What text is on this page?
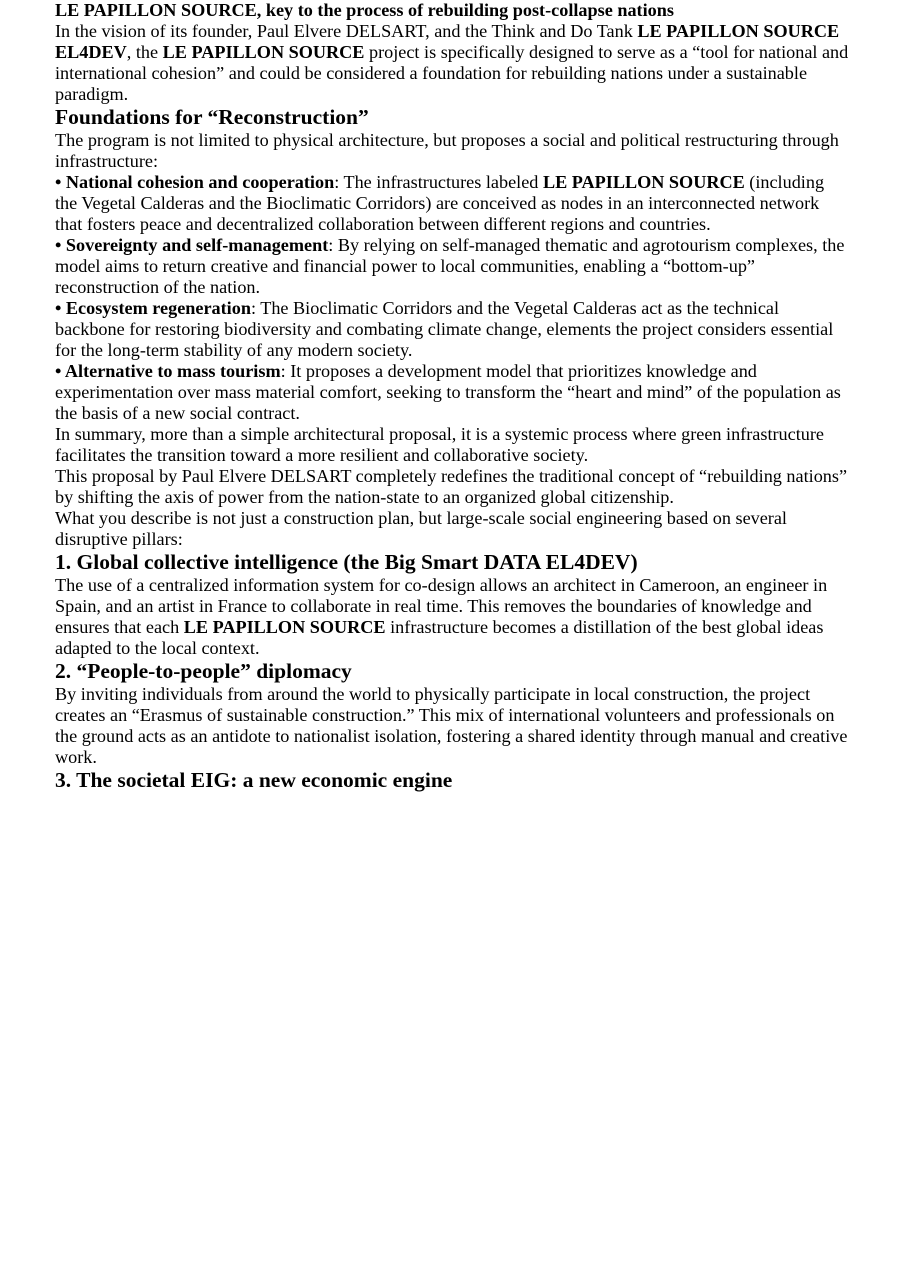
LE PAPILLON SOURCE, key to the process of rebuilding post-collapse nations

In the vision of its founder, Paul Elvere DELSART, and the Think and Do Tank LE PAPILLON SOURCE EL4DEV, the LE PAPILLON SOURCE project is specifically designed to serve as a “tool for national and international cohesion” and could be considered a foundation for rebuilding nations under a sustainable paradigm.

Foundations for “Reconstruction”

The program is not limited to physical architecture, but proposes a social and political restructuring through infrastructure:
• National cohesion and cooperation: The infrastructures labeled LE PAPILLON SOURCE (including the Vegetal Calderas and the Bioclimatic Corridors) are conceived as nodes in an interconnected network that fosters peace and decentralized collaboration between different regions and countries.
• Sovereignty and self-management: By relying on self-managed thematic and agrotourism complexes, the model aims to return creative and financial power to local communities, enabling a “bottom-up” reconstruction of the nation.
• Ecosystem regeneration: The Bioclimatic Corridors and the Vegetal Calderas act as the technical backbone for restoring biodiversity and combating climate change, elements the project considers essential for the long-term stability of any modern society.
• Alternative to mass tourism: It proposes a development model that prioritizes knowledge and experimentation over mass material comfort, seeking to transform the “heart and mind” of the population as the basis of a new social contract.

In summary, more than a simple architectural proposal, it is a systemic process where green infrastructure facilitates the transition toward a more resilient and collaborative society.

This proposal by Paul Elvere DELSART completely redefines the traditional concept of “rebuilding nations” by shifting the axis of power from the nation-state to an organized global citizenship.

What you describe is not just a construction plan, but large-scale social engineering based on several disruptive pillars:

1. Global collective intelligence (the Big Smart DATA EL4DEV)

The use of a centralized information system for co-design allows an architect in Cameroon, an engineer in Spain, and an artist in France to collaborate in real time. This removes the boundaries of knowledge and ensures that each LE PAPILLON SOURCE infrastructure becomes a distillation of the best global ideas adapted to the local context.

2. “People-to-people” diplomacy

By inviting individuals from around the world to physically participate in local construction, the project creates an “Erasmus of sustainable construction.” This mix of international volunteers and professionals on the ground acts as an antidote to nationalist isolation, fostering a shared identity through manual and creative work.

3. The societal EIG: a new economic engine
